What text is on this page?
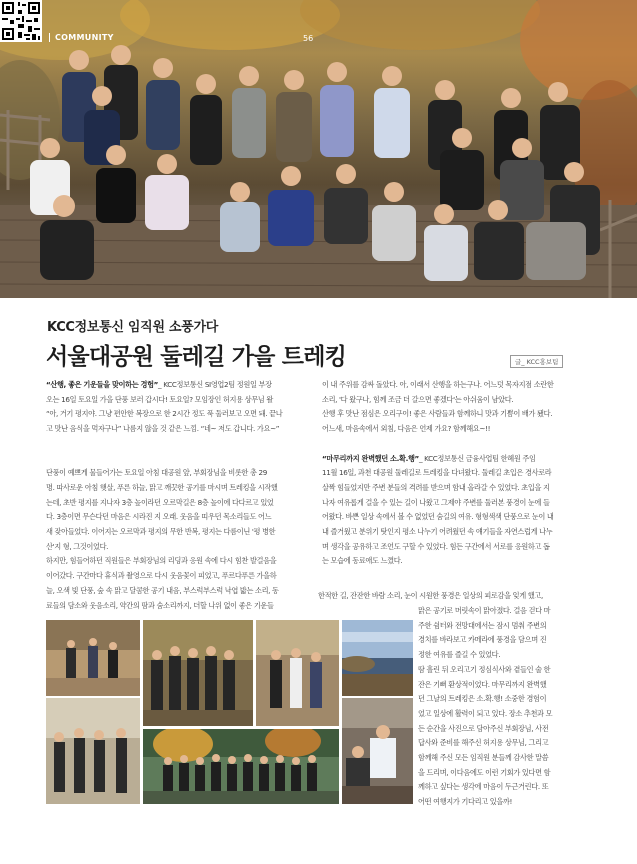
COMMUNITY	56
KCC정보통신 임직원 소풍가다
서울대공원 둘레길 가을 트레킹	글_ KCC홍보팀

“산행, 좋은 기운들을 맞이하는 경험”_ KCC정보통신 SI영업2팀 정원일 부장

오는 16일 토요일 가을 단풍 보러 갑시다! 토요일? 모임장인 허지용 상무님 왈

“아, 거기 평지야. 그냥 편안한 복장으로 한 2시간 정도 푹 둘러보고 오면 돼. 끝나

고 맛난 음식을 먹자구나” 나름지 않을 것 같은 느낌. “네~ 저도 갑니다. 가요~”

단풍이 예쁘게 물들어가는 토요일 아침 대공원 앞, 부회장님을 비롯한 총 29

명. 따사로운 아침 햇살, 푸른 하늘, 맑고 깨끗한 공기를 마시며 트레킹을 시작했

는데, 초반 평지를 지나자 3층 높이라던 오르막길은 8층 높이에 다다르고 있었

다. 3층이면 무슨다던 마음은 시라진 지 오래. 웃음을 띠우던 목소리들도 어느

새 잦아들었다. 이어지는 오르막과 평지의 무한 반복, 평지는 다름이닌 '평 병한

산'지 형, 그것이었다.

하지만, 힘들어하던 직원들은 부회장님의 리딩과 응원 속에 다시 힘찬 발걸음을

이어갔다. 구간마다 휴식과 촬영으로 다시 웃음꽃이 피었고, 푸르다푸른 가을하

늘, 오색 빛 단풍, 숲 속 맑고 달콤한 공기 내음, 부스럭부스럭 낙엽 밟는 소리, 동

료들의 담소와 웃음소리, 약간의 땀과 숨소리까지, 더할 나위 없이 좋은 기운들

이 내 주위를 감싸 돌았다. 아, 이래서 산행을 하는구나. 어느덧 목자지점 소란한

소리, '다 왔구나, 힘께 조금 더 갈으면 좋겠다'는 아쉬움이 남았다.

산행 후 맛난 점심은 오리구이! 좋은 사람들과 함께하니 맛과 기쁨이 배가 됐다.

어느새, 마음속에서 외침, 다음은 언제 가요? 함께해요~!!

“마무리까지 완벽했던 소.확.행”_ KCC정보통신 금융사업팀 한혜원 주임

11월 16일, 과천 대공원 둘레길로 트레킹을 다녀왔다. 둘레길 초입은 경사로라

살짝 힘들었지만 주변 분들의 격려를 받으며 함내 올라갈 수 있었다. 초입을 지

나자 여유롭게 걸을 수 있는 길이 나왔고 그제야 주변를 둘러본 풍경이 눈에 들

어왔다. 바쁜 일상 속에서 볼 수 없었던 숨길의 여유. 형형색색 단풍으로 눈이 내

내 즐거웠고 분위기 탓인지 평소 나누기 어려웠던 속 얘기들을 자연스럽게 나누

며 생각을 공유하고 조언도 구할 수 있었다. 힘든 구간에서 서로를 응원하고 돕

는 모습에 동료애도 느꼈다.

한적한 길, 잔잔한 바람 소리, 눈이 시원한 풍경은 일상의 피로감을 잊게 했고,

맑은 공기로 머릿속이 맑아졌다. 걸음 걷다 마

주한 쉼터와 전망대에서는 잠시 멈춰 주변의

경치를 바라보고 카메라에 풍경을 담으며 진

정한 여유를 즐길 수 있었다.

땀 흘린 뒤 오리고기 정심식사와 곁들인 술 한

잔은 기뻐 환상적이었다. 마무리까지 완벽했

던 그날의 트레킹은 소.확.행! 소중한 경험이

었고 일상에 활력이 되고 있다. 장소 추천과 모

든 순간을 사진으로 담아주신 부회장님, 사전

답사와 준비를 해주신 허지용 상무님, 그리고

함께해 주신 모든 임직원 분들께 감사한 말씀

을 드리며, 이다음에도 이런 기회가 있다면 함

께하고 싶다는 생각에 마음이 두근거린다. 또

어떤 여행지가 기다리고 있을까!
